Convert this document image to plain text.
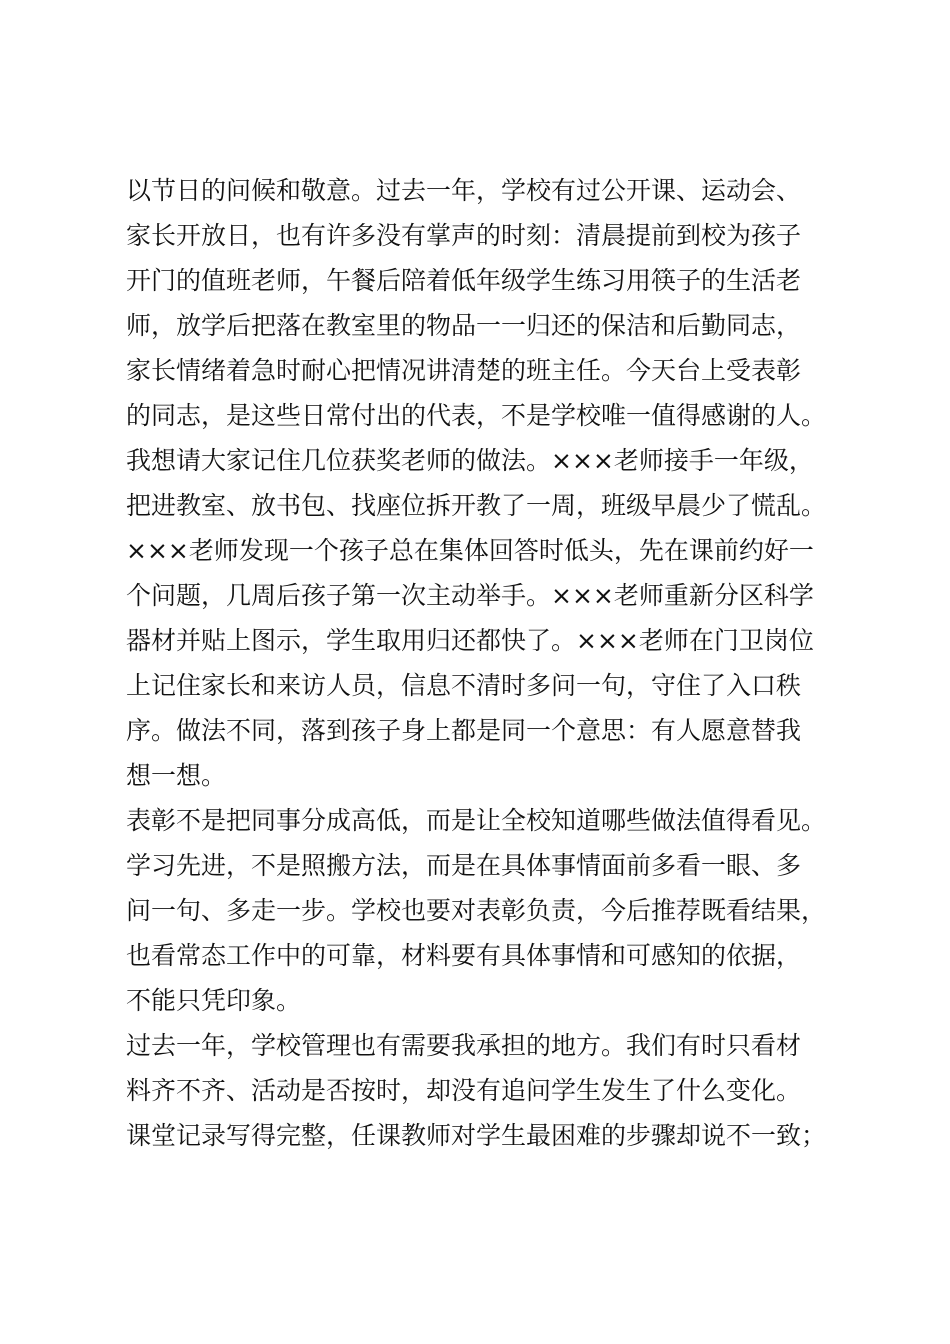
以节日的问候和敬意。过去一年，学校有过公开课、运动会、
家长开放日，也有许多没有掌声的时刻：清晨提前到校为孩子
开门的值班老师，午餐后陪着低年级学生练习用筷子的生活老
师，放学后把落在教室里的物品一一归还的保洁和后勤同志，
家长情绪着急时耐心把情况讲清楚的班主任。今天台上受表彰
的同志，是这些日常付出的代表，不是学校唯一值得感谢的人。
我想请大家记住几位获奖老师的做法。×××老师接手一年级，
把进教室、放书包、找座位拆开教了一周，班级早晨少了慌乱。
×××老师发现一个孩子总在集体回答时低头，先在课前约好一
个问题，几周后孩子第一次主动举手。×××老师重新分区科学
器材并贴上图示，学生取用归还都快了。×××老师在门卫岗位
上记住家长和来访人员，信息不清时多问一句，守住了入口秩
序。做法不同，落到孩子身上都是同一个意思：有人愿意替我
想一想。
表彰不是把同事分成高低，而是让全校知道哪些做法值得看见。
学习先进，不是照搬方法，而是在具体事情面前多看一眼、多
问一句、多走一步。学校也要对表彰负责，今后推荐既看结果，
也看常态工作中的可靠，材料要有具体事情和可感知的依据，
不能只凭印象。
过去一年，学校管理也有需要我承担的地方。我们有时只看材
料齐不齐、活动是否按时，却没有追问学生发生了什么变化。
课堂记录写得完整，任课教师对学生最困难的步骤却说不一致；
